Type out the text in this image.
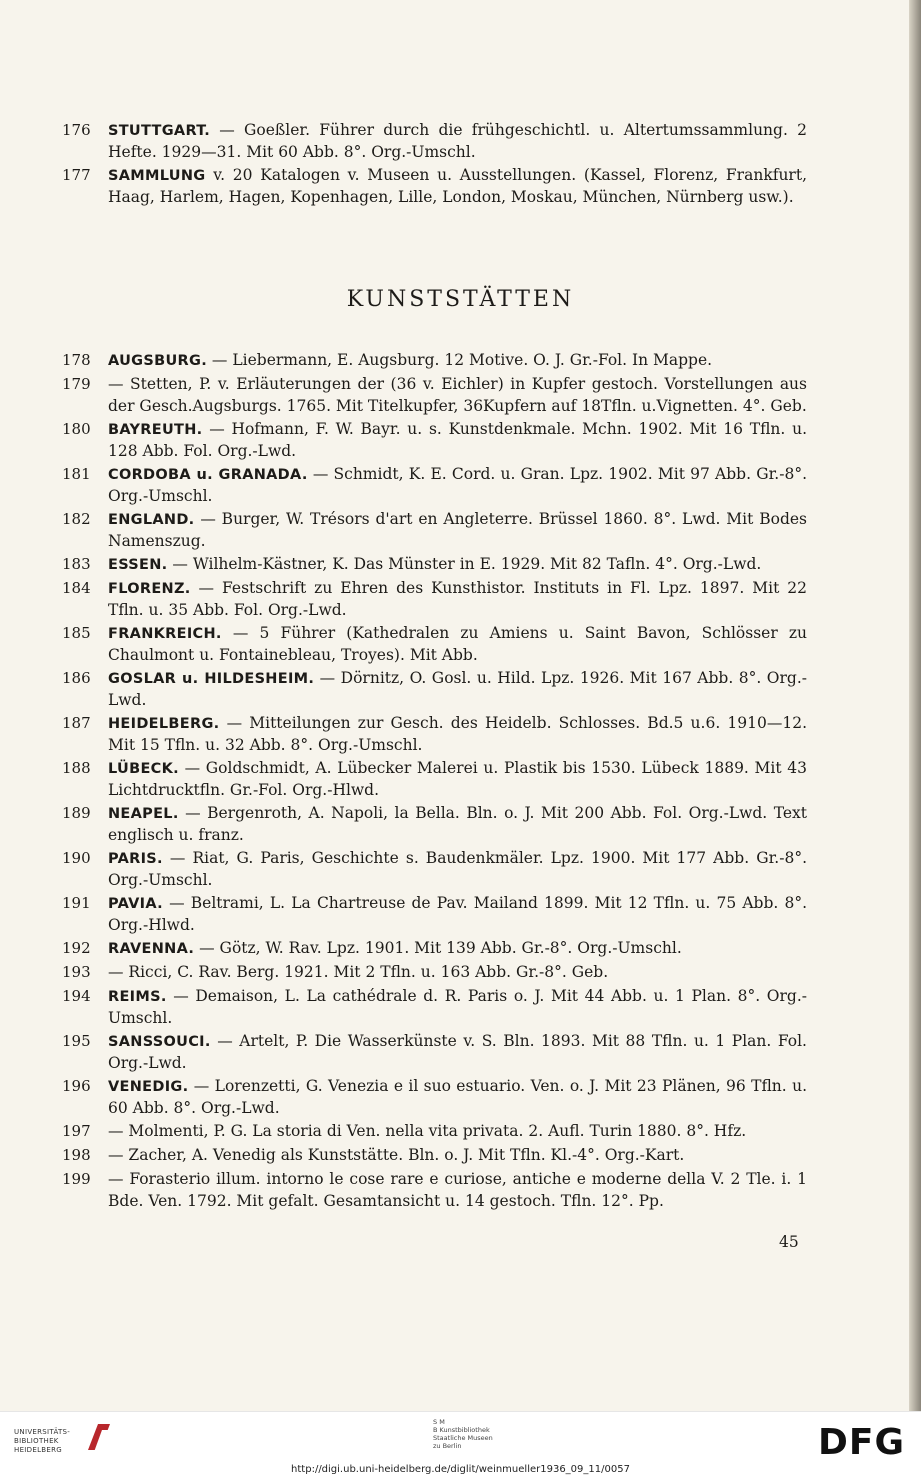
176	STUTTGART. — Goeßler. Führer durch die frühgeschichtl. u. Altertumssammlung. 2 Hefte. 1929—31. Mit 60 Abb. 8°. Org.-Umschl.
177	SAMMLUNG v. 20 Katalogen v. Museen u. Ausstellungen. (Kassel, Florenz, Frankfurt, Haag, Harlem, Hagen, Kopenhagen, Lille, London, Moskau, München, Nürnberg usw.).
KUNSTSTÄTTEN
178	AUGSBURG. — Liebermann, E. Augsburg. 12 Motive. O. J. Gr.-Fol. In Mappe.
179	— Stetten, P. v. Erläuterungen der (36 v. Eichler) in Kupfer gestoch. Vorstellungen aus der Gesch.Augsburgs. 1765. Mit Titelkupfer, 36Kupfern auf 18Tfln. u.Vignetten. 4°. Geb.
180	BAYREUTH. — Hofmann, F. W. Bayr. u. s. Kunstdenkmale. Mchn. 1902. Mit 16 Tfln. u. 128 Abb. Fol. Org.-Lwd.
181	CORDOBA u. GRANADA. — Schmidt, K. E. Cord. u. Gran. Lpz. 1902. Mit 97 Abb. Gr.-8°. Org.-Umschl.
182	ENGLAND. — Burger, W. Trésors d'art en Angleterre. Brüssel 1860. 8°. Lwd. Mit Bodes Namenszug.
183	ESSEN. — Wilhelm-Kästner, K. Das Münster in E. 1929. Mit 82 Tafln. 4°. Org.-Lwd.
184	FLORENZ. — Festschrift zu Ehren des Kunsthistor. Instituts in Fl. Lpz. 1897. Mit 22 Tfln. u. 35 Abb. Fol. Org.-Lwd.
185	FRANKREICH. — 5 Führer (Kathedralen zu Amiens u. Saint Bavon, Schlösser zu Chaulmont u. Fontainebleau, Troyes). Mit Abb.
186	GOSLAR u. HILDESHEIM. — Dörnitz, O. Gosl. u. Hild. Lpz. 1926. Mit 167 Abb. 8°. Org.-Lwd.
187	HEIDELBERG. — Mitteilungen zur Gesch. des Heidelb. Schlosses. Bd.5 u.6. 1910—12. Mit 15 Tfln. u. 32 Abb. 8°. Org.-Umschl.
188	LÜBECK. — Goldschmidt, A. Lübecker Malerei u. Plastik bis 1530. Lübeck 1889. Mit 43 Lichtdrucktfln. Gr.-Fol. Org.-Hlwd.
189	NEAPEL. — Bergenroth, A. Napoli, la Bella. Bln. o. J. Mit 200 Abb. Fol. Org.-Lwd. Text englisch u. franz.
190	PARIS. — Riat, G. Paris, Geschichte s. Baudenkmäler. Lpz. 1900. Mit 177 Abb. Gr.-8°. Org.-Umschl.
191	PAVIA. — Beltrami, L. La Chartreuse de Pav. Mailand 1899. Mit 12 Tfln. u. 75 Abb. 8°. Org.-Hlwd.
192	RAVENNA. — Götz, W. Rav. Lpz. 1901. Mit 139 Abb. Gr.-8°. Org.-Umschl.
193	— Ricci, C. Rav. Berg. 1921. Mit 2 Tfln. u. 163 Abb. Gr.-8°. Geb.
194	REIMS. — Demaison, L. La cathédrale d. R. Paris o. J. Mit 44 Abb. u. 1 Plan. 8°. Org.-Umschl.
195	SANSSOUCI. — Artelt, P. Die Wasserkünste v. S. Bln. 1893. Mit 88 Tfln. u. 1 Plan. Fol. Org.-Lwd.
196	VENEDIG. — Lorenzetti, G. Venezia e il suo estuario. Ven. o. J. Mit 23 Plänen, 96 Tfln. u. 60 Abb. 8°. Org.-Lwd.
197	— Molmenti, P. G. La storia di Ven. nella vita privata. 2. Aufl. Turin 1880. 8°. Hfz.
198	— Zacher, A. Venedig als Kunststätte. Bln. o. J. Mit Tfln. Kl.-4°. Org.-Kart.
199	— Forasterio illum. intorno le cose rare e curiose, antiche e moderne della V. 2 Tle. i. 1 Bde. Ven. 1792. Mit gefalt. Gesamtansicht u. 14 gestoch. Tfln. 12°. Pp.
45
UNIVERSITÄTS-
BIBLIOTHEK
HEIDELBERG
S M
B Kunstbibliothek
Staatliche Museen
zu Berlin	DFG
http://digi.ub.uni-heidelberg.de/diglit/weinmueller1936_09_11/0057
